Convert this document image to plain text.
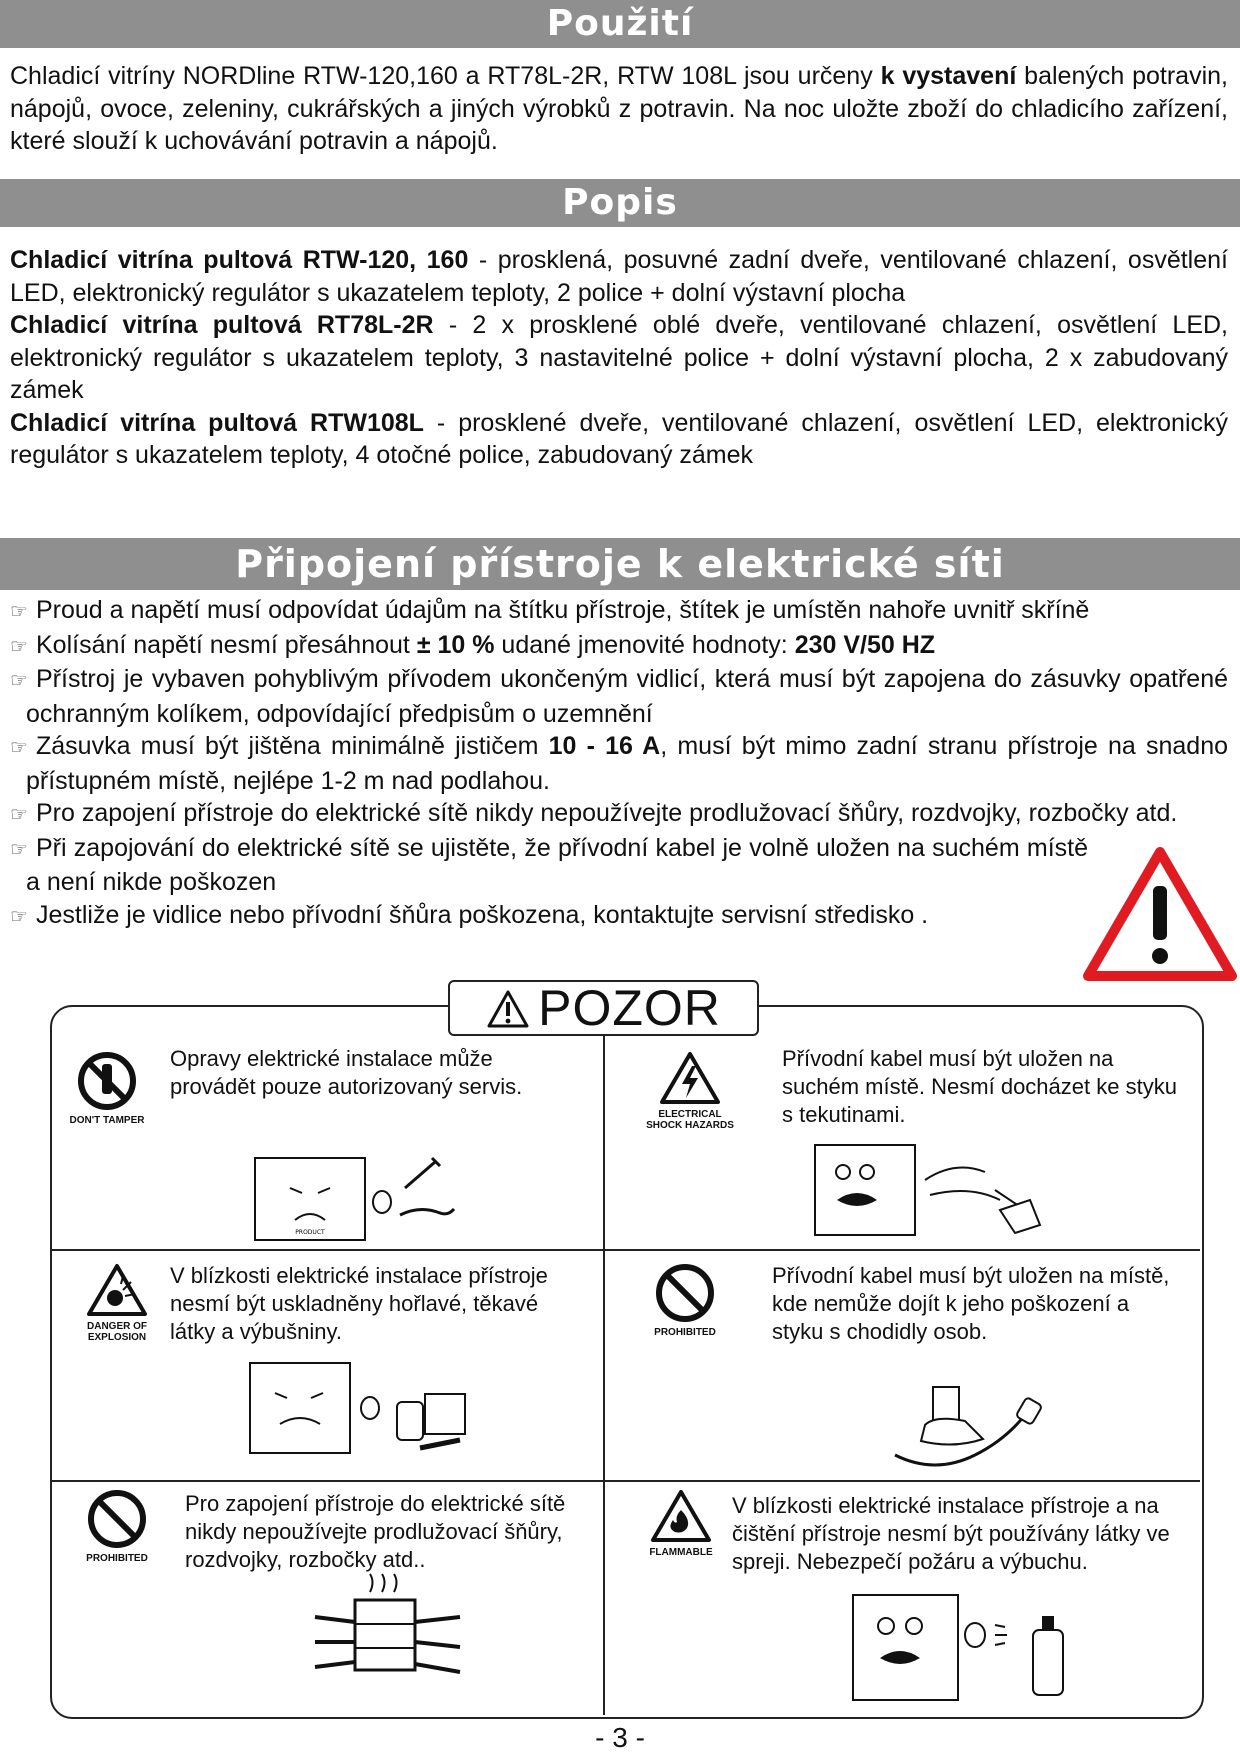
Použití
Chladicí vitríny NORDline RTW-120,160 a RT78L-2R, RTW 108L jsou určeny k vystavení balených potravin, nápojů, ovoce, zeleniny, cukrářských a jiných výrobků z potravin. Na noc uložte zboží do chladicího zařízení, které slouží k uchovávání potravin a nápojů.
Popis
Chladicí vitrína pultová RTW-120, 160 - prosklená, posuvné zadní dveře, ventilované chlazení, osvětlení LED, elektronický regulátor s ukazatelem teploty, 2 police + dolní výstavní plocha
Chladicí vitrína pultová RT78L-2R - 2 x prosklené oblé dveře, ventilované chlazení, osvětlení LED, elektronický regulátor s ukazatelem teploty, 3 nastavitelné police + dolní výstavní plocha, 2 x zabudovaný zámek
Chladicí vitrína pultová RTW108L - prosklené dveře, ventilované chlazení, osvětlení LED, elektronický regulátor s ukazatelem teploty, 4 otočné police, zabudovaný zámek
Připojení přístroje k elektrické síti
☞ Proud a napětí musí odpovídat údajům na štítku přístroje, štítek je umístěn nahoře uvnitř skříně
☞ Kolísání napětí nesmí přesáhnout ± 10 % udané jmenovité hodnoty: 230 V/50 HZ
☞ Přístroj je vybaven pohyblivým přívodem ukončeným vidlicí, která musí být zapojena do zásuvky opatřené ochranným kolíkem, odpovídající předpisům o uzemnění
☞ Zásuvka musí být jištěna minimálně jističem 10 - 16 A, musí být mimo zadní stranu přístroje na snadno přístupném místě, nejlépe 1-2 m nad podlahou.
☞ Pro zapojení přístroje do elektrické sítě nikdy nepoužívejte prodlužovací šňůry, rozdvojky, rozbočky atd.
☞ Při zapojování do elektrické sítě se ujistěte, že přívodní kabel je volně uložen na suchém místě a není nikde poškozen
☞ Jestliže je vidlice nebo přívodní šňůra poškozena, kontaktujte servisní středisko .
POZOR
DON'T TAMPER
Opravy elektrické instalace může provádět pouze autorizovaný servis.
PRODUCT
ELECTRICAL SHOCK HAZARDS
Přívodní kabel musí být uložen na suchém místě. Nesmí docházet ke styku s tekutinami.
DANGER OF EXPLOSION
V blízkosti elektrické instalace přístroje nesmí být uskladněny hořlavé, těkavé látky a výbušniny.	PROHIBITED
Přívodní kabel musí být uložen na místě, kde nemůže dojít k jeho poškození a styku s chodidly osob.
PROHIBITED
Pro zapojení přístroje do elektrické sítě nikdy nepoužívejte prodlužovací šňůry, rozdvojky, rozbočky atd..	FLAMMABLE
V blízkosti elektrické instalace přístroje a na čištění přístroje nesmí být používány látky ve spreji. Nebezpečí požáru a výbuchu.
- 3 -
